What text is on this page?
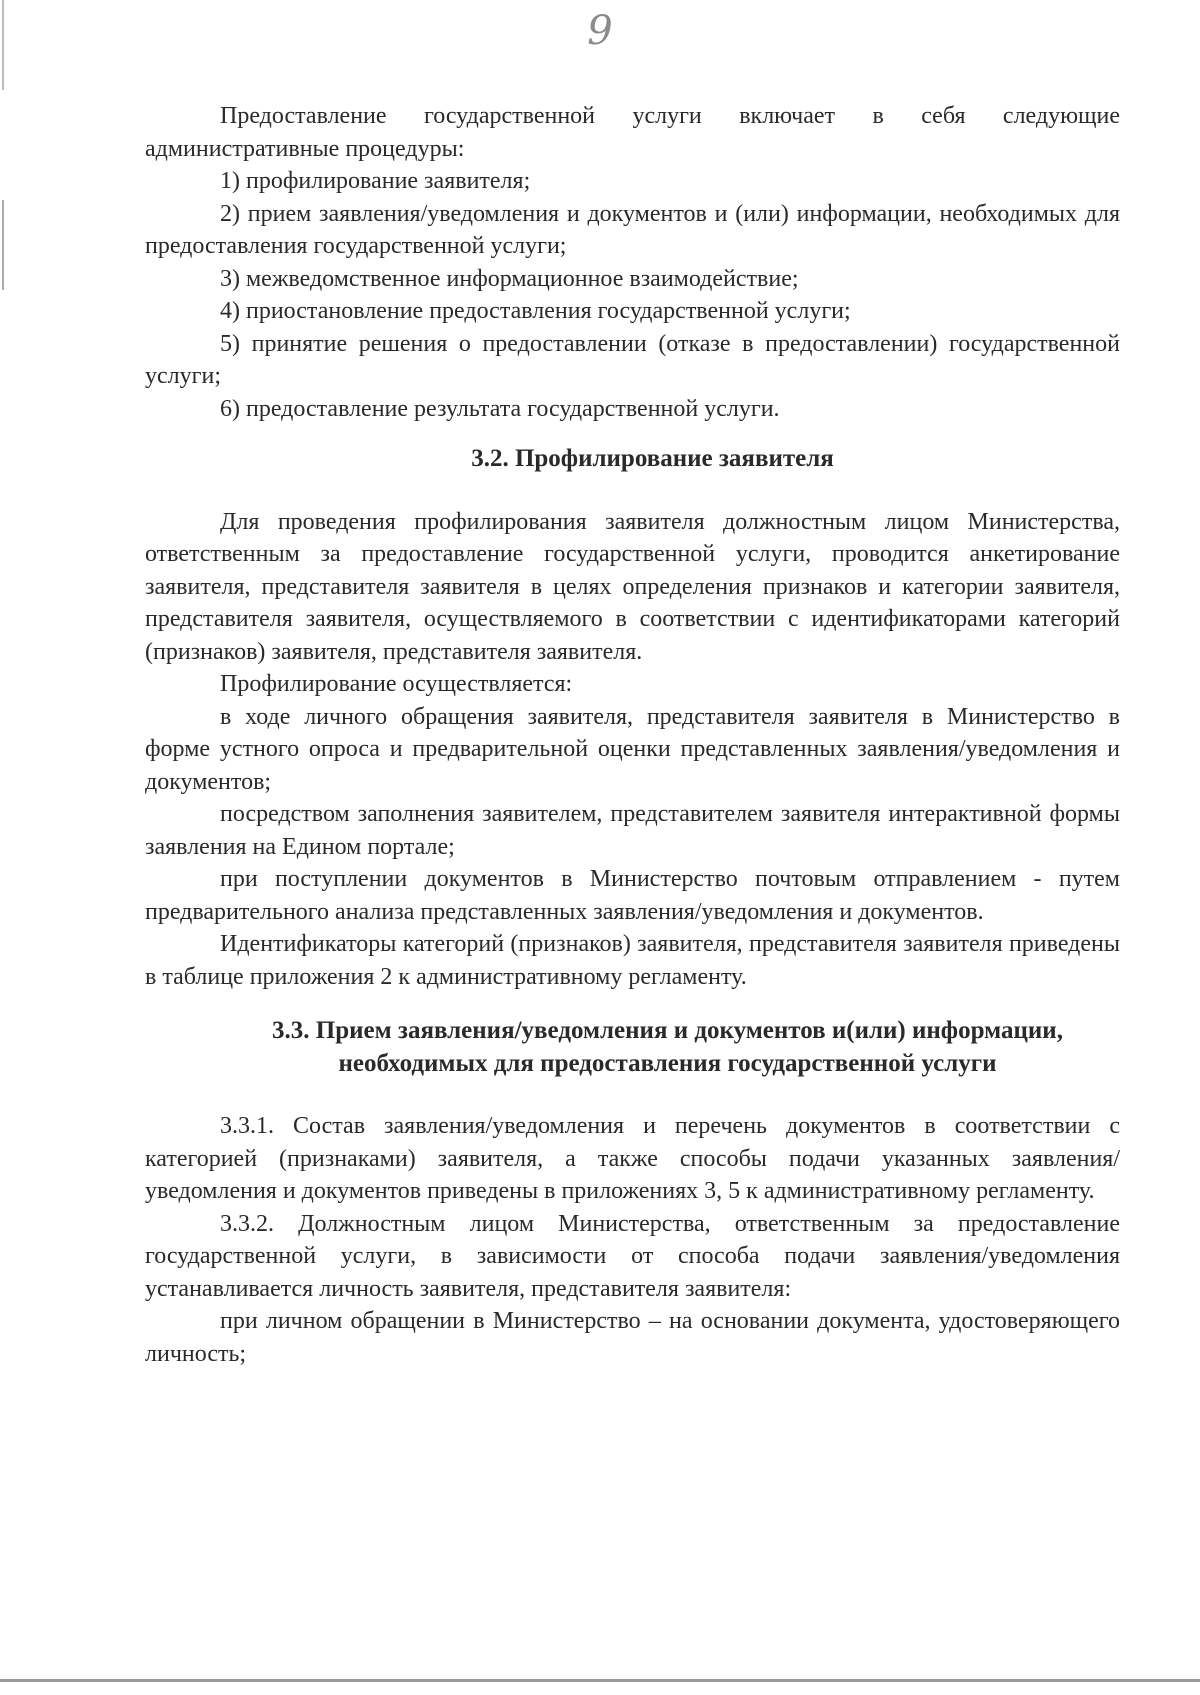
9

Предоставление государственной услуги включает в себя следующие административные процедуры:

1) профилирование заявителя;

2) прием заявления/уведомления и документов и (или) информации, необходимых для предоставления государственной услуги;

3) межведомственное информационное взаимодействие;

4) приостановление предоставления государственной услуги;

5) принятие решения о предоставлении (отказе в предоставлении) государственной услуги;

6) предоставление результата государственной услуги.

3.2. Профилирование заявителя

Для проведения профилирования заявителя должностным лицом Министерства, ответственным за предоставление государственной услуги, проводится анкетирование заявителя, представителя заявителя в целях определения признаков и категории заявителя, представителя заявителя, осуществляемого в соответствии с идентификаторами категорий (признаков) заявителя, представителя заявителя.

Профилирование осуществляется:

в ходе личного обращения заявителя, представителя заявителя в Министерство в форме устного опроса и предварительной оценки представленных заявления/уведомления и документов;

посредством заполнения заявителем, представителем заявителя интерактивной формы заявления на Едином портале;

при поступлении документов в Министерство почтовым отправлением - путем предварительного анализа представленных заявления/уведомления и документов.

Идентификаторы категорий (признаков) заявителя, представителя заявителя приведены в таблице приложения 2 к административному регламенту.

3.3. Прием заявления/уведомления и документов и(или) информации,
необходимых для предоставления государственной услуги

3.3.1. Состав заявления/уведомления и перечень документов в соответствии с категорией (признаками) заявителя, а также способы подачи указанных заявления/уведомления и документов приведены в приложениях 3, 5 к административному регламенту.

3.3.2. Должностным лицом Министерства, ответственным за предоставление государственной услуги, в зависимости от способа подачи заявления/уведомления устанавливается личность заявителя, представителя заявителя:

при личном обращении в Министерство – на основании документа, удостоверяющего личность;
